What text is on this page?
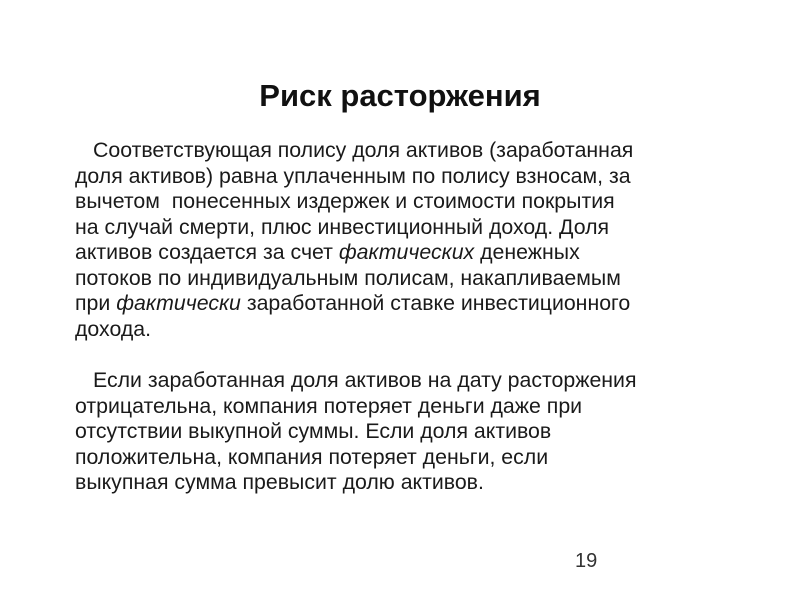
Риск расторжения

Соответствующая полису доля активов (заработанная
доля активов) равна уплаченным по полису взносам, за
вычетом  понесенных издержек и стоимости покрытия
на случай смерти, плюс инвестиционный доход. Доля
активов создается за счет фактических денежных
потоков по индивидуальным полисам, накапливаемым
при фактически заработанной ставке инвестиционного
дохода.

Если заработанная доля активов на дату расторжения
отрицательна, компания потеряет деньги даже при
отсутствии выкупной суммы. Если доля активов
положительна, компания потеряет деньги, если
выкупная сумма превысит долю активов.

19
